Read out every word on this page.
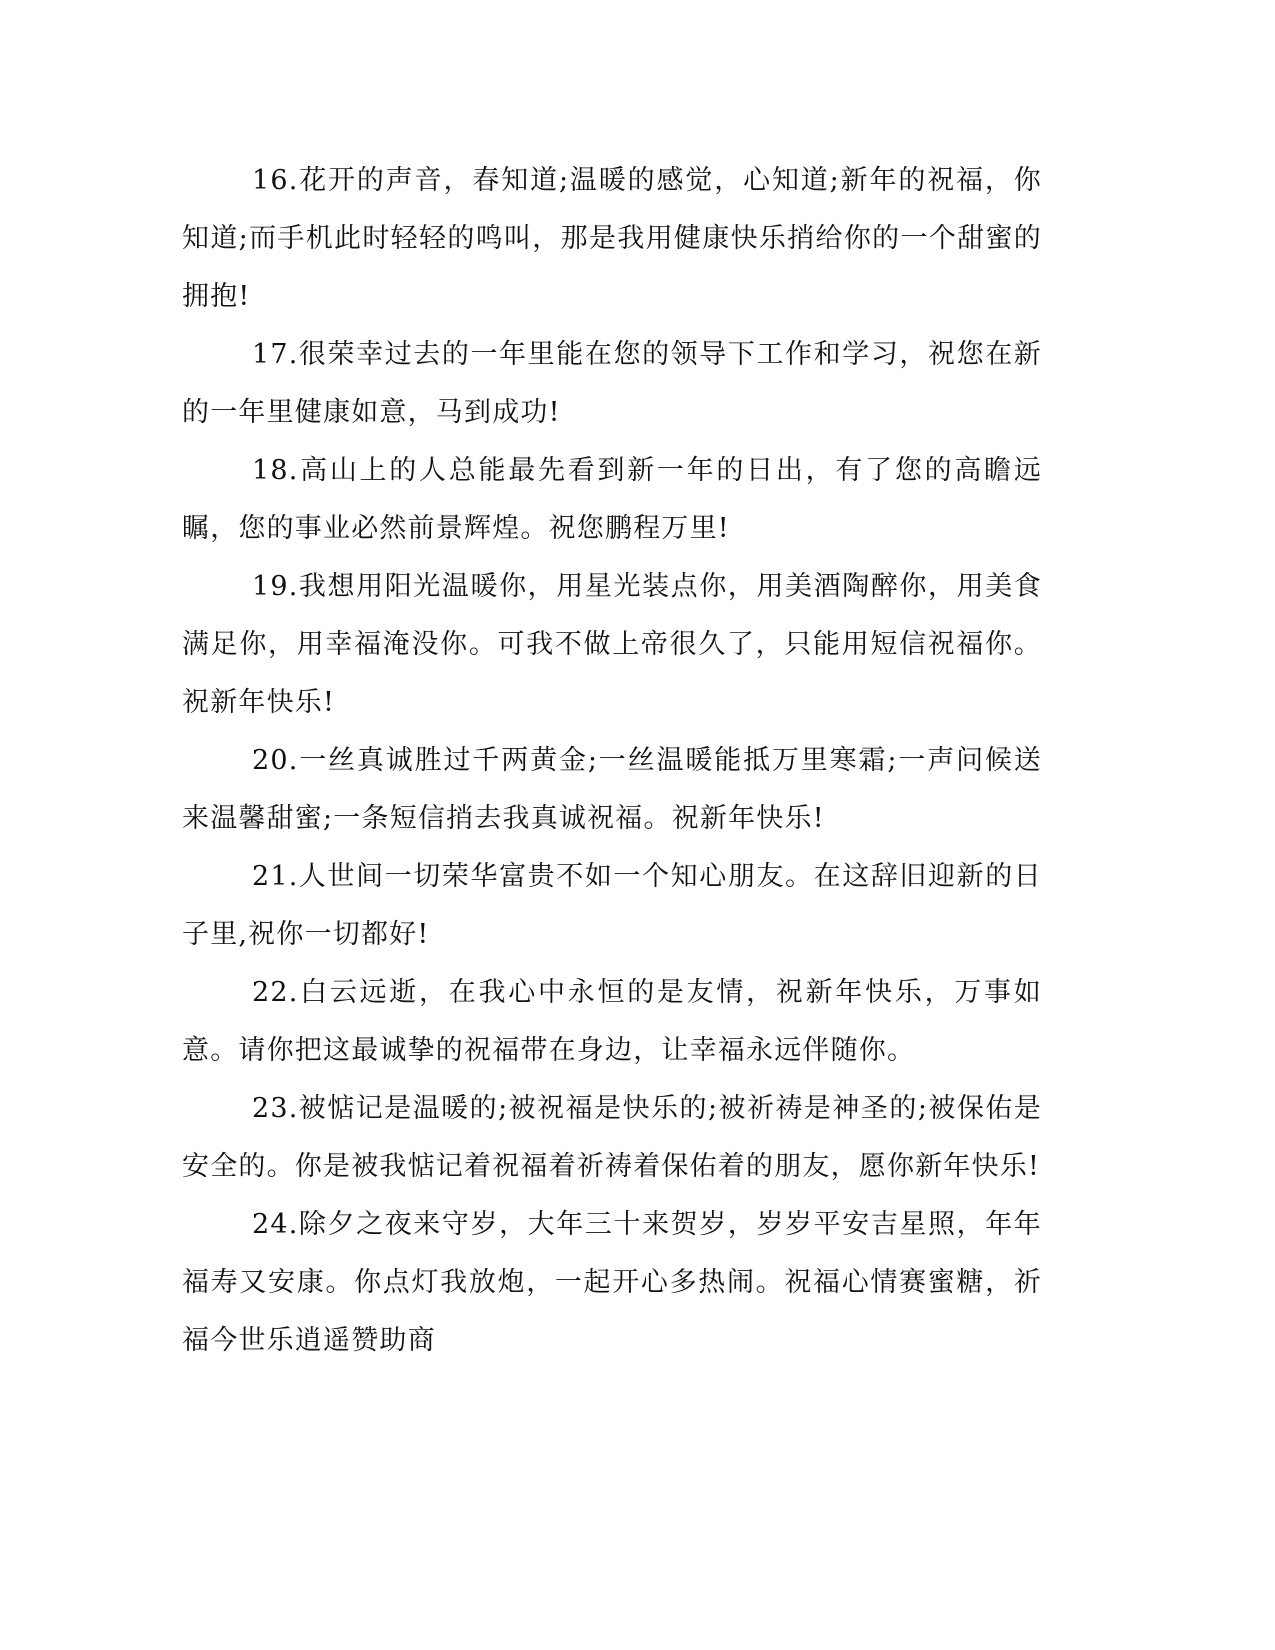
16.花开的声音，春知道;温暖的感觉，心知道;新年的祝福，你知道;而手机此时轻轻的鸣叫，那是我用健康快乐捎给你的一个甜蜜的拥抱!

17.很荣幸过去的一年里能在您的领导下工作和学习，祝您在新的一年里健康如意，马到成功!

18.高山上的人总能最先看到新一年的日出，有了您的高瞻远瞩，您的事业必然前景辉煌。祝您鹏程万里!

19.我想用阳光温暖你，用星光装点你，用美酒陶醉你，用美食满足你，用幸福淹没你。可我不做上帝很久了，只能用短信祝福你。祝新年快乐!

20.一丝真诚胜过千两黄金;一丝温暖能抵万里寒霜;一声问候送来温馨甜蜜;一条短信捎去我真诚祝福。祝新年快乐!

21.人世间一切荣华富贵不如一个知心朋友。在这辞旧迎新的日子里,祝你一切都好!

22.白云远逝，在我心中永恒的是友情，祝新年快乐，万事如意。请你把这最诚挚的祝福带在身边，让幸福永远伴随你。

23.被惦记是温暖的;被祝福是快乐的;被祈祷是神圣的;被保佑是安全的。你是被我惦记着祝福着祈祷着保佑着的朋友，愿你新年快乐!

24.除夕之夜来守岁，大年三十来贺岁，岁岁平安吉星照，年年福寿又安康。你点灯我放炮，一起开心多热闹。祝福心情赛蜜糖，祈福今世乐逍遥赞助商
